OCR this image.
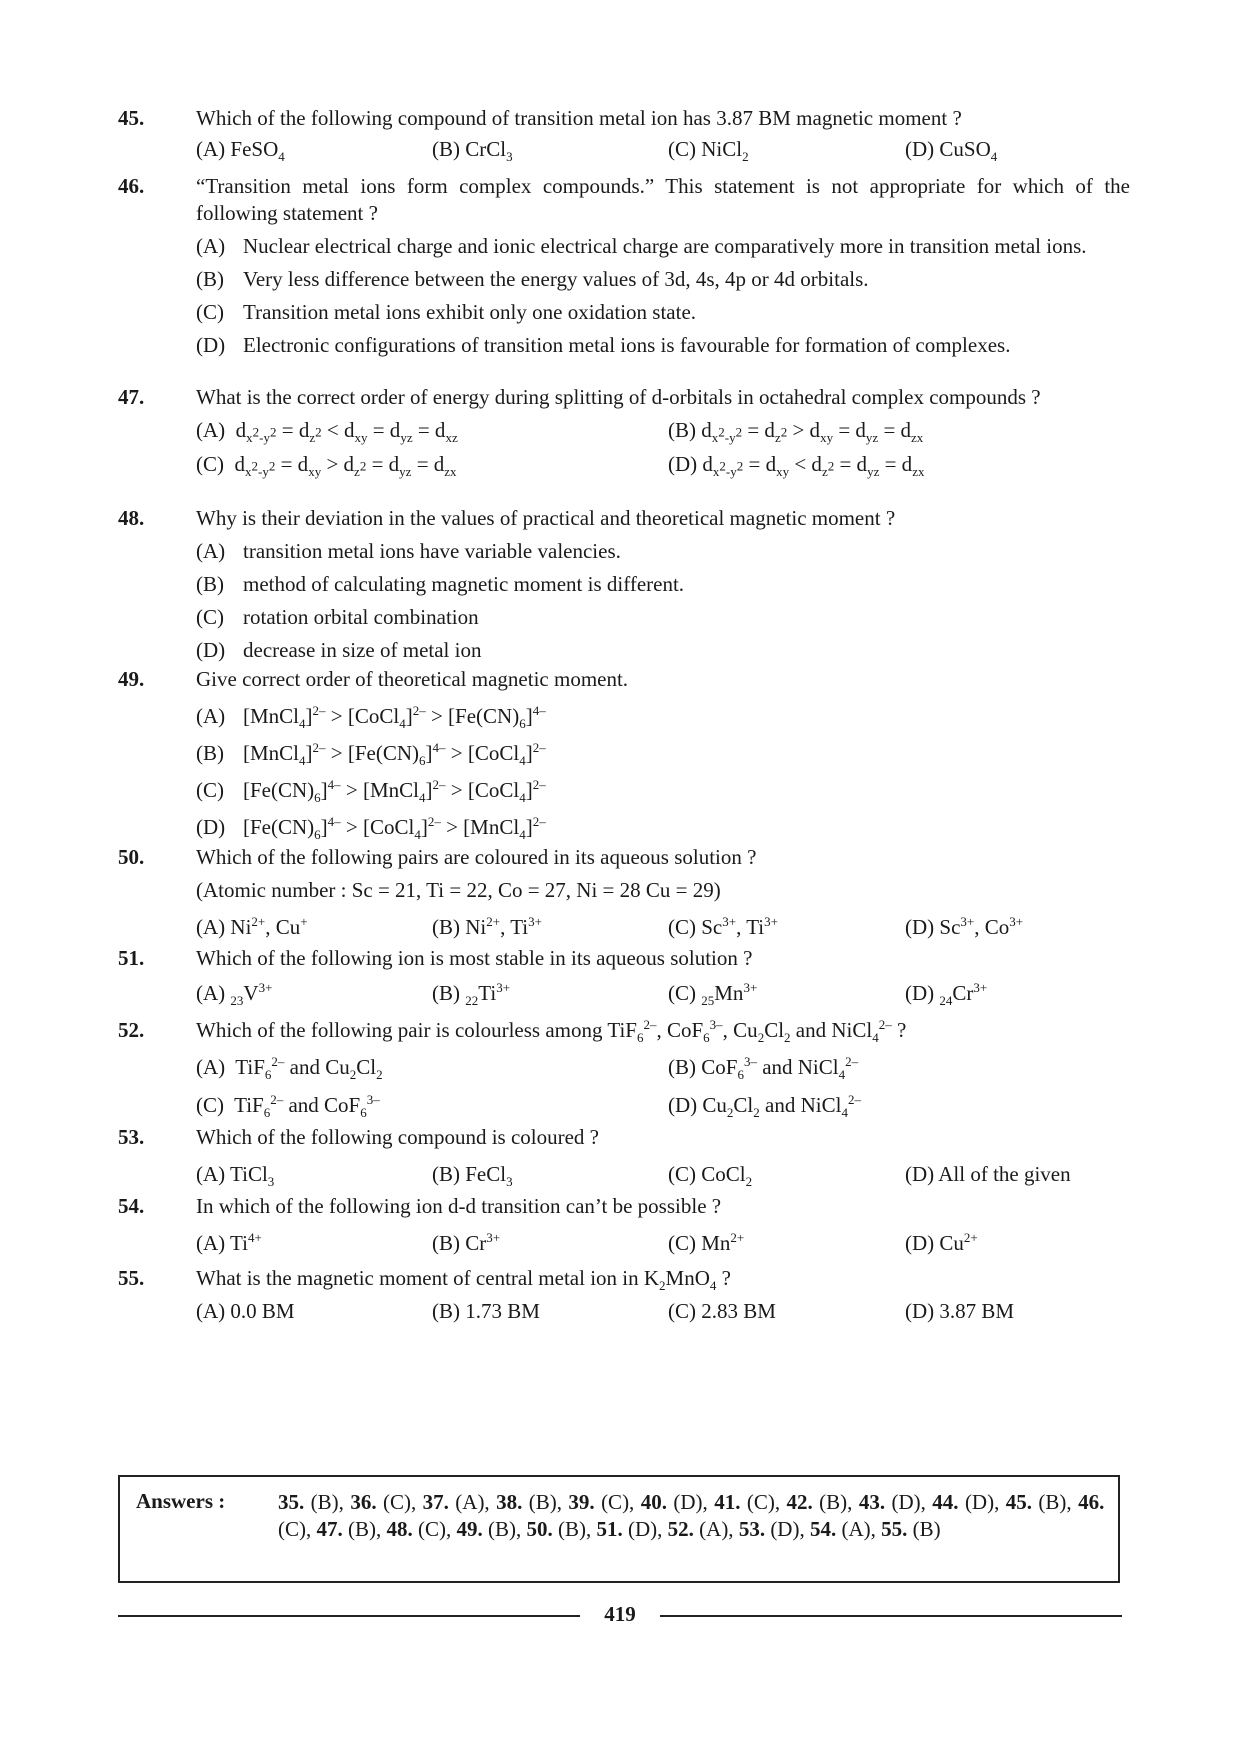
45. Which of the following compound of transition metal ion has 3.87 BM magnetic moment ?
(A) FeSO$_4$	(B) CrCl$_3$	(C) NiCl$_2$	(D) CuSO$_4$
46. “Transition metal ions form complex compounds.” This statement is not appropriate for which of the following statement ?
(A) Nuclear electrical charge and ionic electrical charge are comparatively more in transition metal ions.
(B) Very less difference between the energy values of 3d, 4s, 4p or 4d orbitals.
(C) Transition metal ions exhibit only one oxidation state.
(D) Electronic configurations of transition metal ions is favourable for formation of complexes.
47. What is the correct order of energy during splitting of d-orbitals in octahedral complex compounds ?
(A)  $d_{x^2-y^2} = d_{z^2} < d_{xy} = d_{yz} = d_{xz}$	(B) $d_{x^2-y^2} = d_{z^2} > d_{xy} = d_{yz} = d_{zx}$
(C)  $d_{x^2-y^2} = d_{xy} > d_{z^2} = d_{yz} = d_{zx}$	(D) $d_{x^2-y^2} = d_{xy} < d_{z^2} = d_{yz} = d_{zx}$
48. Why is their deviation in the values of practical and theoretical magnetic moment ?
(A) transition metal ions have variable valencies.
(B) method of calculating magnetic moment is different.
(C) rotation orbital combination
(D) decrease in size of metal ion
49. Give correct order of theoretical magnetic moment.
(A) [MnCl$_4$]$^{2-}$ > [CoCl$_4$]$^{2-}$ > $[Fe(CN)_6]^{4-}$
(B) [MnCl$_4$]$^{2-}$ > $[Fe(CN)_6]^{4-}$ > [CoCl$_4$]$^{2-}$
(C) $[Fe(CN)_6]^{4-}$ > [MnCl$_4$]$^{2-}$ > [CoCl$_4$]$^{2-}$
(D) $[Fe(CN)_6]^{4-}$ > [CoCl$_4$]$^{2-}$ > [MnCl$_4$]$^{2-}$
50. Which of the following pairs are coloured in its aqueous solution ?
(Atomic number : Sc = 21, Ti = 22, Co = 27, Ni = 28 Cu = 29)
(A) $Ni^{2+}$, Cu+	(B) $Ni^{2+}$, $Ti^{3+}$	(C) $Sc^{3+}$, $Ti^{3+}$	(D) $Sc^{3+}$, $Co^{3+}$
51. Which of the following ion is most stable in its aqueous solution ?
(A) $_{23}V^{3+}$	(B) $_{22}Ti^{3+}$	(C) $_{25}Mn^{3+}$	(D) $_{24}Cr^{3+}$
52. Which of the following pair is colourless among TiF$_6^{2-}$, CoF$_6^{3-}$, $Cu_2Cl_2$ and NiCl$_4^{2-}$ ?
(A)  TiF$_6^{2-}$ and $Cu_2Cl_2$	(B) CoF$_6^{3-}$ and NiCl$_4^{2-}$
(C)  TiF$_6^{2-}$ and CoF$_6^{3-}$	(D) $Cu_2Cl_2$ and NiCl$_4^{2-}$
53. Which of the following compound is coloured ?
(A) TiCl$_3$	(B) FeCl$_3$	(C) CoCl$_2$	(D) All of the given
54. In which of the following ion d-d transition can’t be possible ?
(A) $Ti^{4+}$	(B) $Cr^{3+}$	(C) $Mn^{2+}$	(D) $Cu^{2+}$
55. What is the magnetic moment of central metal ion in $K_2MnO_4$ ?
(A) 0.0 BM	(B) 1.73 BM	(C) 2.83 BM	(D) 3.87 BM
Answers :	35. (B), 36. (C), 37. (A), 38. (B), 39. (C), 40. (D), 41. (C), 42. (B), 43. (D), 44. (D), 45. (B), 46. (C), 47. (B), 48. (C), 49. (B), 50. (B), 51. (D), 52. (A), 53. (D), 54. (A), 55. (B)
419
